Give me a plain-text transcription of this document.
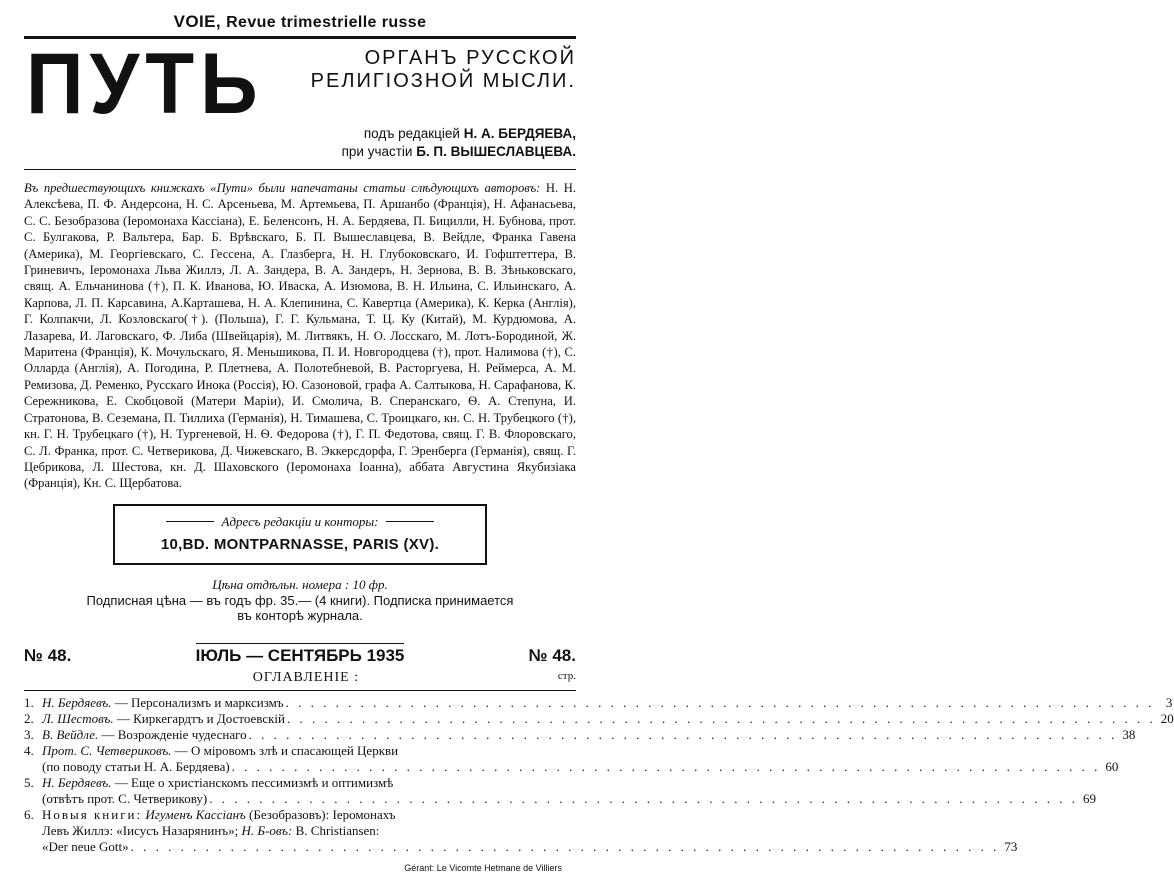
VOIE, Revue trimestrielle russe
ПУТЬ	ОРГАНЪ РУССКОЙ
РЕЛИГІОЗНОЙ МЫСЛИ.
подъ редакціей Н. А. БЕРДЯЕВА,
при участіи Б. П. ВЫШЕСЛАВЦЕВА.
Въ предшествующихъ книжкахъ «Пути» были напечатаны статьи слѣдующихъ авторовъ: Н. Н. Алексѣева, П. Ф. Андерсона, Н. С. Арсеньева, М. Артемьева, П. Аршанбо (Франція), Н. Афанасьева, С. С. Безобразова (Іеромонаха Кассіана), Е. Беленсонъ, Н. А. Бердяева, П. Бицилли, Н. Бубнова, прот. С. Булгакова, Р. Вальтера, Бар. Б. Врѣвскаго, Б. П. Вышеславцева, В. Вейдле, Франка Гавена (Америка), М. Георгіевскаго, С. Гессена, А. Глазберга, Н. Н. Глубоковскаго, И. Гофштеттера, В. Гриневичъ, Іеромонаха Льва Жиллэ, Л. А. Зандера, В. А. Зандеръ, Н. Зернова, В. В. Зѣньковскаго, свящ. А. Ельчанинова (†), П. К. Иванова, Ю. Иваска, А. Изюмова, В. Н. Ильина, С. Ильинскаго, А. Карпова, Л. П. Карсавина, А.Карташева, Н. А. Клепинина, С. Кавертца (Америка), К. Керка (Англія), Г. Колпакчи, Л. Козловскаго(†). (Польша), Г. Г. Кульмана, Т. Ц. Ку (Китай), М. Курдюмова, А. Лазарева, И. Лаговскаго, Ф. Либа (Швейцарія), М. Литвякъ, Н. О. Лосскаго, М. Лотъ-Бородиной, Ж. Маритена (Франція), К. Мочульскаго, Я. Меньшикова, П. И. Новгородцева (†), прот. Налимова (†), С. Олларда (Англія), А. Погодина, Р. Плетнева, А. Полотебневой, В. Расторгуева, Н. Реймерса, А. М. Ремизова, Д. Ременко, Русскаго Инока (Россія), Ю. Сазоновой, графа А. Салтыкова, Н. Сарафанова, К. Сережникова, Е. Скобцовой (Матери Маріи), И. Смолича, В. Сперанскаго, Ѳ. А. Степуна, И. Стратонова, В. Сеземана, П. Тиллиха (Германія), Н. Тимашева, С. Троицкаго, кн. С. Н. Трубецкого (†), кн. Г. Н. Трубецкаго (†), Н. Тургеневой, Н. Ѳ. Федорова (†), Г. П. Федотова, свящ. Г. В. Флоровскаго, С. Л. Франка, прот. С. Четверикова, Д. Чижевскаго, В. Эккерсдорфа, Г. Эренберга (Германія), свящ. Г. Цебрикова, Л. Шестова, кн. Д. Шаховского (Іеромонаха Іоанна), аббата Августина Якубизіака (Франція), Кн. С. Щербатова.
Адресъ редакціи и конторы:
10,BD. MONTPARNASSE, PARIS (XV).
Цѣна отдѣльн. номера : 10 фр.
Подписная цѣна — въ годъ фр. 35.— (4 книги). Подписка принимается
въ конторѣ журнала.
№ 48.	ІЮЛЬ — СЕНТЯБРЬ 1935	№ 48.
ОГЛАВЛЕНІЕ :	стр.
1. Н. Бердяевъ. — Персонализмъ и марксизмъ . . .	3
2. Л. Шестовъ. — Киркегардтъ и Достоевскій . . .	20
3. В. Вейдле. — Возрожденіе чудеснаго . . .	38
4. Прот. С. Четвериковъ. — О міровомъ злѣ и спасающей Церкви
(по поводу статьи Н. А. Бердяева) . . .	60
5. Н. Бердяевъ. — Еще о христіанскомъ пессимизмѣ и оптимизмѣ
(отвѣтъ прот. С. Четверикову) . . .	69
6. Новыя книги: Игуменъ Кассіанъ (Безобразовъ): Іеромонахъ
Левъ Жиллэ: «Іисусъ Назарянинъ»; Н. Б-овъ: B. Christiansen:
«Der neue Gott» . . .	73
Gérant: Le Vicomte Hetmane de Villiers
